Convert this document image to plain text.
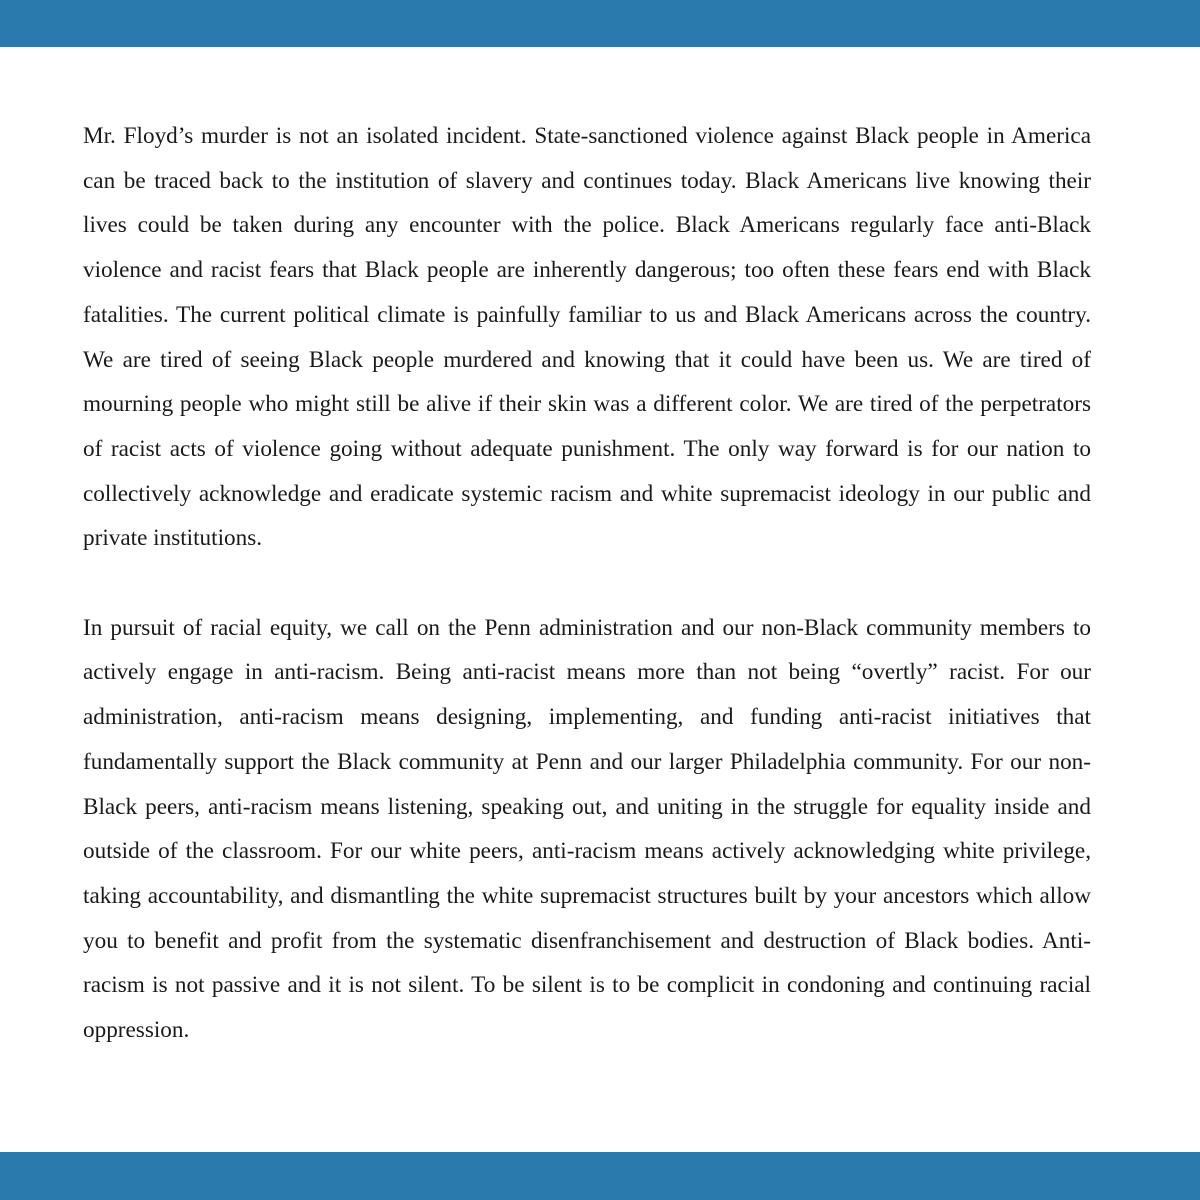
Mr. Floyd’s murder is not an isolated incident. State-sanctioned violence against Black people in America can be traced back to the institution of slavery and continues today. Black Americans live knowing their lives could be taken during any encounter with the police. Black Americans regularly face anti-Black violence and racist fears that Black people are inherently dangerous; too often these fears end with Black fatalities. The current political climate is painfully familiar to us and Black Americans across the country. We are tired of seeing Black people murdered and knowing that it could have been us. We are tired of mourning people who might still be alive if their skin was a different color. We are tired of the perpetrators of racist acts of violence going without adequate punishment. The only way forward is for our nation to collectively acknowledge and eradicate systemic racism and white supremacist ideology in our public and private institutions.

In pursuit of racial equity, we call on the Penn administration and our non-Black community members to actively engage in anti-racism. Being anti-racist means more than not being “overtly” racist. For our administration, anti-racism means designing, implementing, and funding anti-racist initiatives that fundamentally support the Black community at Penn and our larger Philadelphia community. For our non-Black peers, anti-racism means listening, speaking out, and uniting in the struggle for equality inside and outside of the classroom. For our white peers, anti-racism means actively acknowledging white privilege, taking accountability, and dismantling the white supremacist structures built by your ancestors which allow you to benefit and profit from the systematic disenfranchisement and destruction of Black bodies. Anti-racism is not passive and it is not silent. To be silent is to be complicit in condoning and continuing racial oppression.
